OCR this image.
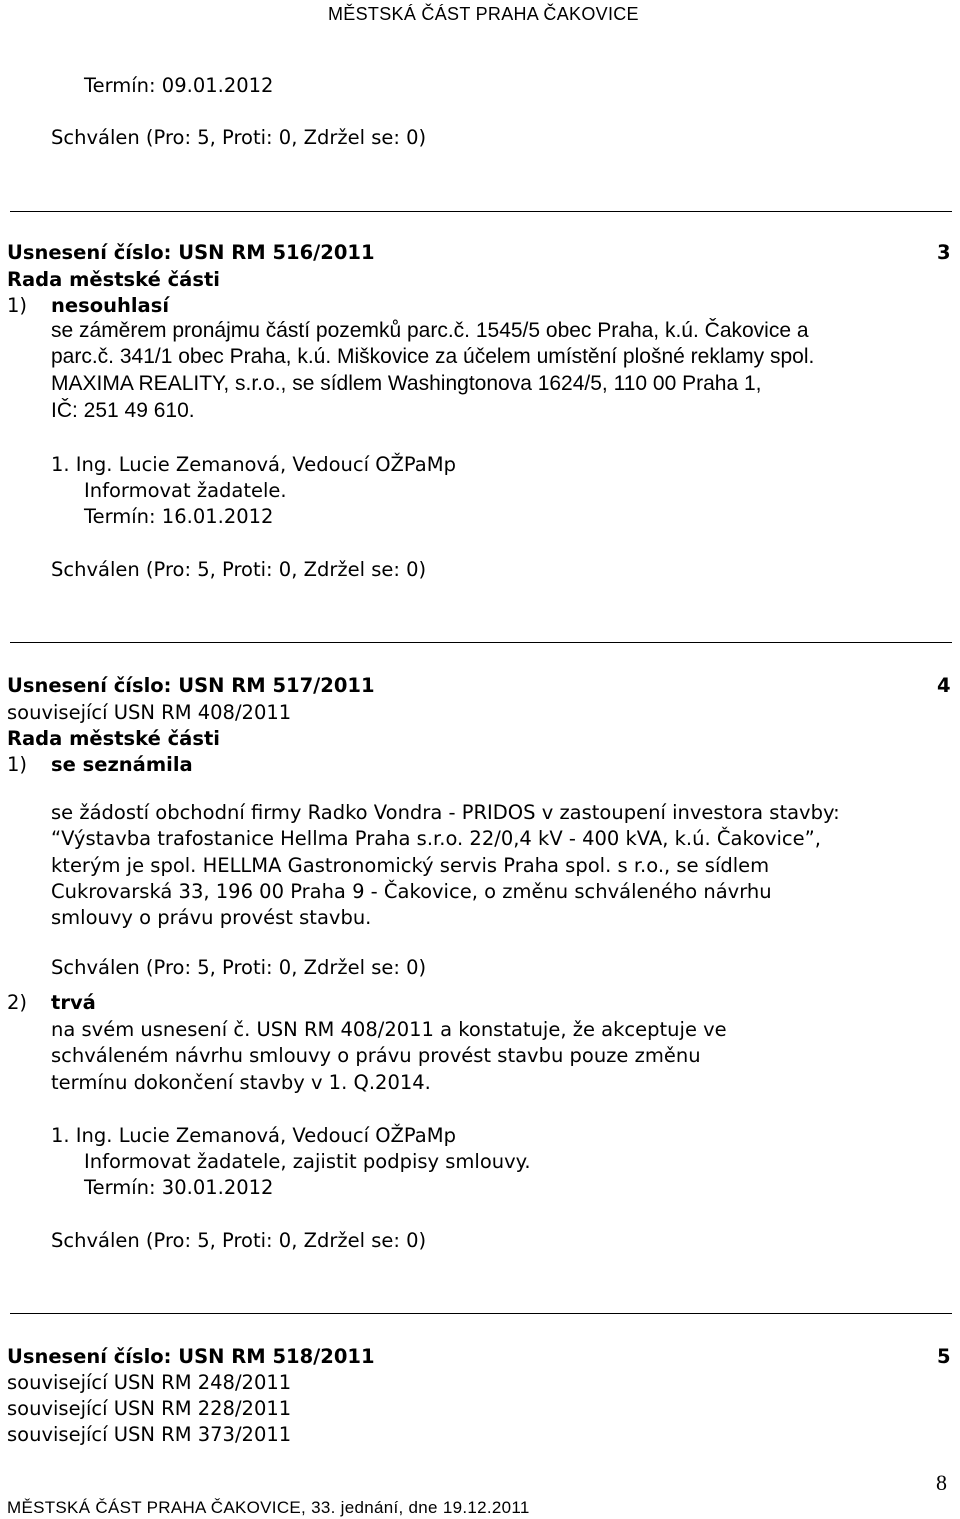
MĚSTSKÁ ČÁST PRAHA ČAKOVICE
Termín: 09.01.2012
Schválen (Pro: 5, Proti: 0, Zdržel se: 0)
Usnesení číslo: USN RM 516/2011	3
Rada městské části
1) nesouhlasí
se záměrem pronájmu částí pozemků parc.č. 1545/5 obec Praha, k.ú. Čakovice a
parc.č. 341/1 obec Praha, k.ú. Miškovice za účelem umístění plošné reklamy spol.
MAXIMA REALITY, s.r.o., se sídlem Washingtonova 1624/5, 110 00 Praha 1,
IČ: 251 49 610.
1. Ing. Lucie Zemanová, Vedoucí OŽPaMp
Informovat žadatele.
Termín: 16.01.2012
Schválen (Pro: 5, Proti: 0, Zdržel se: 0)
Usnesení číslo: USN RM 517/2011	4
související USN RM 408/2011
Rada městské části
1) se seznámila
se žádostí obchodní firmy Radko Vondra - PRIDOS v zastoupení investora stavby:
“Výstavba trafostanice Hellma Praha s.r.o. 22/0,4 kV - 400 kVA, k.ú. Čakovice”,
kterým je spol. HELLMA Gastronomický servis Praha spol. s r.o., se sídlem
Cukrovarská 33, 196 00 Praha 9 - Čakovice, o změnu schváleného návrhu
smlouvy o právu provést stavbu.
Schválen (Pro: 5, Proti: 0, Zdržel se: 0)
2) trvá
na svém usnesení č. USN RM 408/2011 a konstatuje, že akceptuje ve
schváleném návrhu smlouvy o právu provést stavbu pouze změnu
termínu dokončení stavby v 1. Q.2014.
1. Ing. Lucie Zemanová, Vedoucí OŽPaMp
Informovat žadatele, zajistit podpisy smlouvy.
Termín: 30.01.2012
Schválen (Pro: 5, Proti: 0, Zdržel se: 0)
Usnesení číslo: USN RM 518/2011	5
související USN RM 248/2011
související USN RM 228/2011
související USN RM 373/2011
8
MĚSTSKÁ ČÁST PRAHA ČAKOVICE, 33. jednání, dne 19.12.2011
